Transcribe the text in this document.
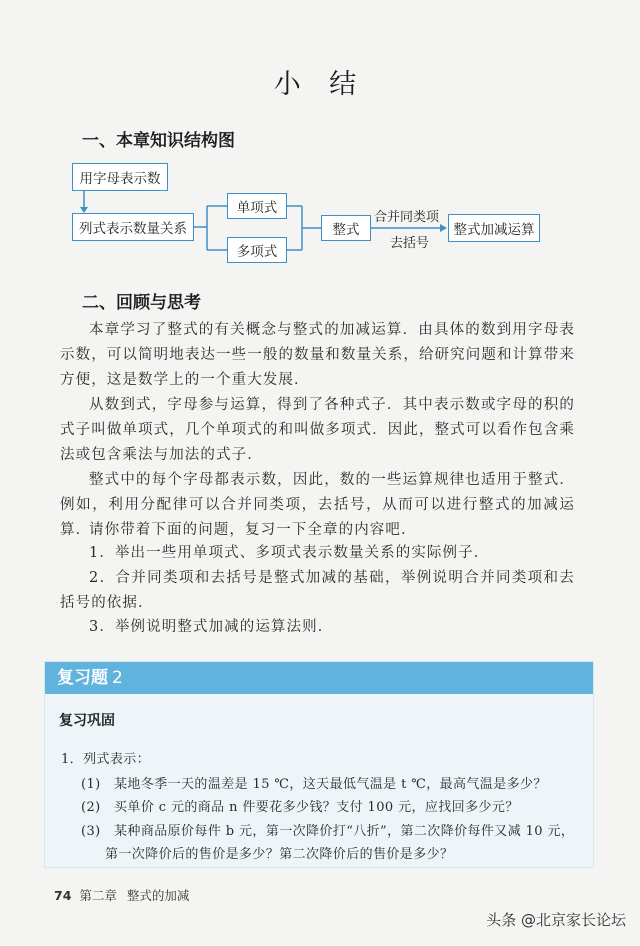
小 结
一、本章知识结构图
用字母表示数
列式表示数量关系
单项式
多项式
整式	整式加减运算
合并同类项
去括号
二、回顾与思考
本章学习了整式的有关概念与整式的加减运算．由具体的数到用字母表示数，可以简明地表达一些一般的数量和数量关系，给研究问题和计算带来方便，这是数学上的一个重大发展．
从数到式，字母参与运算，得到了各种式子．其中表示数或字母的积的式子叫做单项式，几个单项式的和叫做多项式．因此，整式可以看作包含乘法或包含乘法与加法的式子．
整式中的每个字母都表示数，因此，数的一些运算规律也适用于整式．例如，利用分配律可以合并同类项，去括号，从而可以进行整式的加减运算．
请你带着下面的问题，复习一下全章的内容吧．
1．举出一些用单项式、多项式表示数量关系的实际例子．
2．合并同类项和去括号是整式加减的基础，举例说明合并同类项和去括号的依据．
3．举例说明整式加减的运算法则．
复习题 2
复习巩固
1．列式表示：
(1)　某地冬季一天的温差是 15 ℃，这天最低气温是 t ℃，最高气温是多少？
(2)　买单价 c 元的商品 n 件要花多少钱？支付 100 元，应找回多少元？
(3)　某种商品原价每件 b 元，第一次降价打“八折”，第二次降价每件又减 10 元，
第一次降价后的售价是多少？第二次降价后的售价是多少？
74 第二章 整式的加减
头条 @北京家长论坛
